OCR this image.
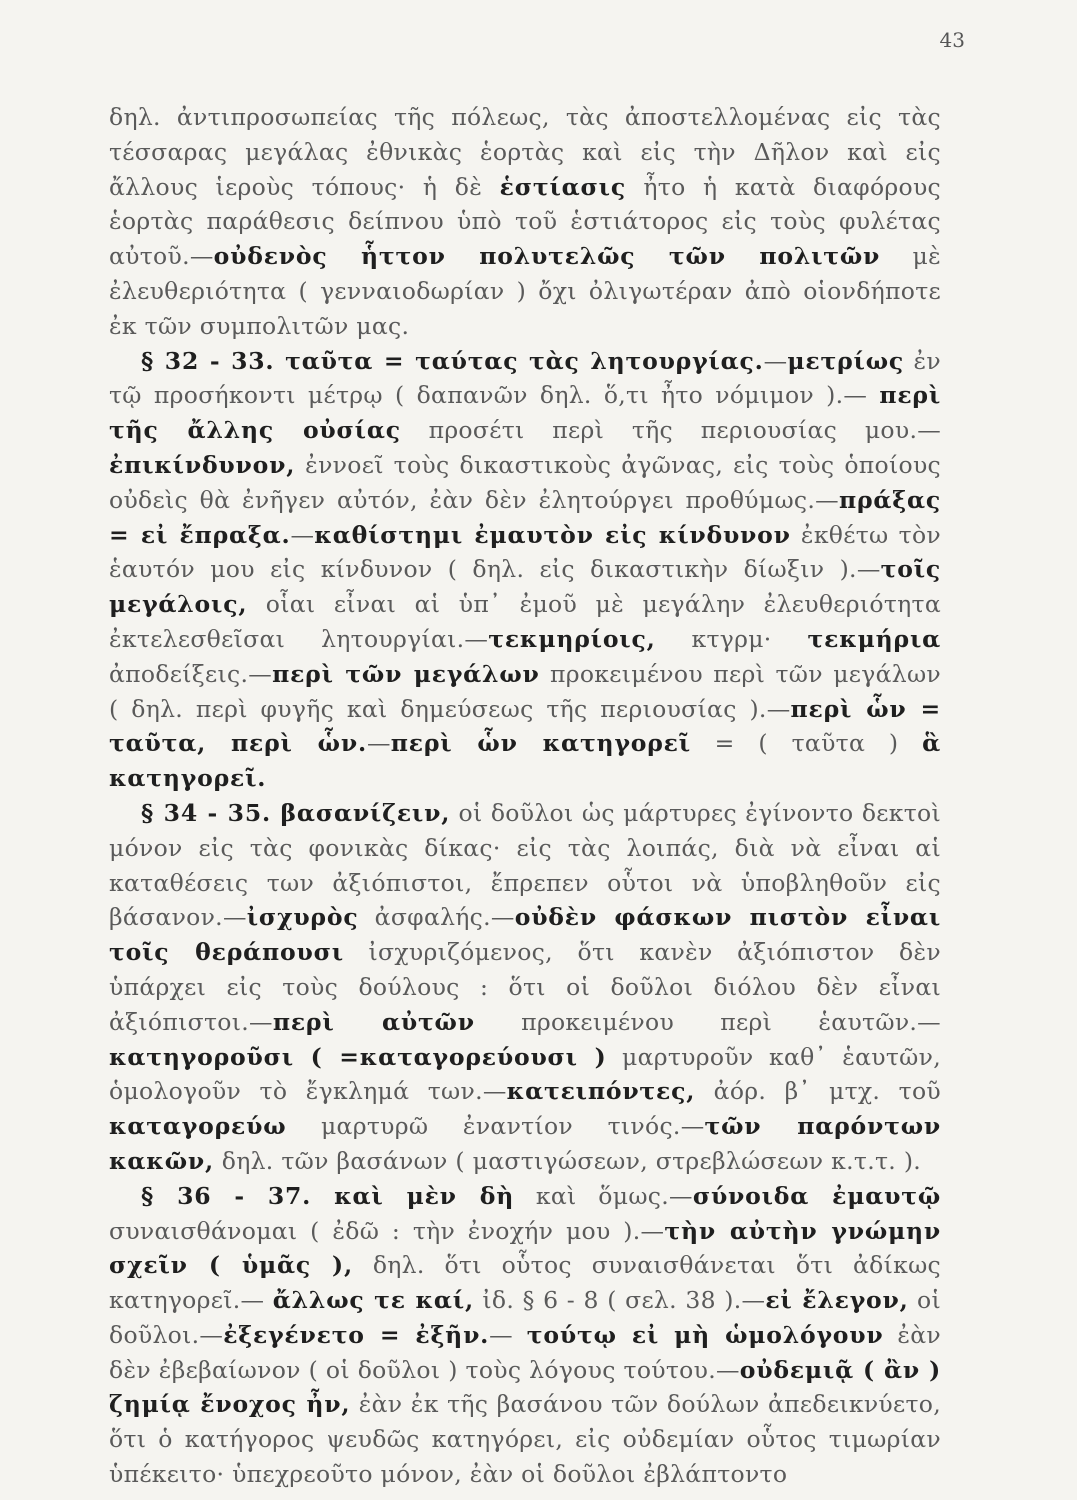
43

δηλ. ἀντιπροσωπείας τῆς πόλεως, τὰς ἀποστελλομένας εἰς τὰς τέσσαρας μεγάλας ἐθνικὰς ἑορτὰς καὶ εἰς τὴν Δῆλον καὶ εἰς ἄλλους ἱεροὺς τόπους· ἡ δὲ ἑστίασις ἦτο ἡ κατὰ διαφόρους ἑορτὰς παράθεσις δείπνου ὑπὸ τοῦ ἑστιάτορος εἰς τοὺς φυλέτας αὐτοῦ.—οὐδενὸς ἧττον πολυτελῶς τῶν πολιτῶν μὲ ἐλευθεριότητα ( γενναιοδωρίαν ) ὄχι ὀλιγωτέραν ἀπὸ οἱονδήποτε ἐκ τῶν συμπολιτῶν μας.

§ 32 - 33. ταῦτα = ταύτας τὰς λητουργίας.—μετρίως ἐν τῷ προσήκοντι μέτρῳ ( δαπανῶν δηλ. ὅ,τι ἦτο νόμιμον ).— περὶ τῆς ἄλλης οὐσίας προσέτι περὶ τῆς περιουσίας μου.—ἐπικίνδυνον, ἐννοεῖ τοὺς δικαστικοὺς ἀγῶνας, εἰς τοὺς ὁποίους οὐδεὶς θὰ ἐνῆγεν αὐτόν, ἐὰν δὲν ἐλητούργει προθύμως.—πράξας = εἰ ἔπραξα.—καθίστημι ἐμαυτὸν εἰς κίνδυνον ἐκθέτω τὸν ἑαυτόν μου εἰς κίνδυνον ( δηλ. εἰς δικαστικὴν δίωξιν ).—τοῖς μεγάλοις, οἷαι εἶναι αἱ ὑπ᾽ ἐμοῦ μὲ μεγάλην ἐλευθεριότητα ἐκτελεσθεῖσαι λητουργίαι.—τεκμηρίοις, κτγρμ· τεκμήρια ἀποδείξεις.—περὶ τῶν μεγάλων προκειμένου περὶ τῶν μεγάλων ( δηλ. περὶ φυγῆς καὶ δημεύσεως τῆς περιουσίας ).—περὶ ὧν = ταῦτα, περὶ ὧν.—περὶ ὧν κατηγορεῖ = ( ταῦτα ) ἃ κατηγορεῖ.

§ 34 - 35. βασανίζειν, οἱ δοῦλοι ὡς μάρτυρες ἐγίνοντο δεκτοὶ μόνον εἰς τὰς φονικὰς δίκας· εἰς τὰς λοιπάς, διὰ νὰ εἶναι αἱ καταθέσεις των ἀξιόπιστοι, ἔπρεπεν οὗτοι νὰ ὑποβληθοῦν εἰς βάσανον.—ἰσχυρὸς ἀσφαλής.—οὐδὲν φάσκων πιστὸν εἶναι τοῖς θεράπουσι ἰσχυριζόμενος, ὅτι κανὲν ἀξιόπιστον δὲν ὑπάρχει εἰς τοὺς δούλους : ὅτι οἱ δοῦλοι διόλου δὲν εἶναι ἀξιόπιστοι.—περὶ αὐτῶν προκειμένου περὶ ἑαυτῶν.—κατηγοροῦσι ( =καταγορεύουσι ) μαρτυροῦν καθ᾽ ἑαυτῶν, ὁμολογοῦν τὸ ἔγκλημά των.—κατειπόντες, ἀόρ. β᾽ μτχ. τοῦ καταγορεύω μαρτυρῶ ἐναντίον τινός.—τῶν παρόντων κακῶν, δηλ. τῶν βασάνων ( μαστιγώσεων, στρεβλώσεων κ.τ.τ. ).

§ 36 - 37. καὶ μὲν δὴ καὶ ὅμως.—σύνοιδα ἐμαυτῷ συναισθάνομαι ( ἐδῶ : τὴν ἐνοχήν μου ).—τὴν αὐτὴν γνώμην σχεῖν ( ὑμᾶς ), δηλ. ὅτι οὗτος συναισθάνεται ὅτι ἀδίκως κατηγορεῖ.— ἄλλως τε καί, ἰδ. § 6 - 8 ( σελ. 38 ).—εἰ ἔλεγον, οἱ δοῦλοι.—ἐξεγένετο = ἐξῆν.— τούτῳ εἰ μὴ ὡμολόγουν ἐὰν δὲν ἐβεβαίωνον ( οἱ δοῦλοι ) τοὺς λόγους τούτου.—οὐδεμιᾷ ( ἂν ) ζημίᾳ ἔνοχος ἦν, ἐὰν ἐκ τῆς βασάνου τῶν δούλων ἀπεδεικνύετο, ὅτι ὁ κατήγορος ψευδῶς κατηγόρει, εἰς οὐδεμίαν οὗτος τιμωρίαν ὑπέκειτο· ὑπεχρεοῦτο μόνον, ἐὰν οἱ δοῦλοι ἐβλάπτοντο
